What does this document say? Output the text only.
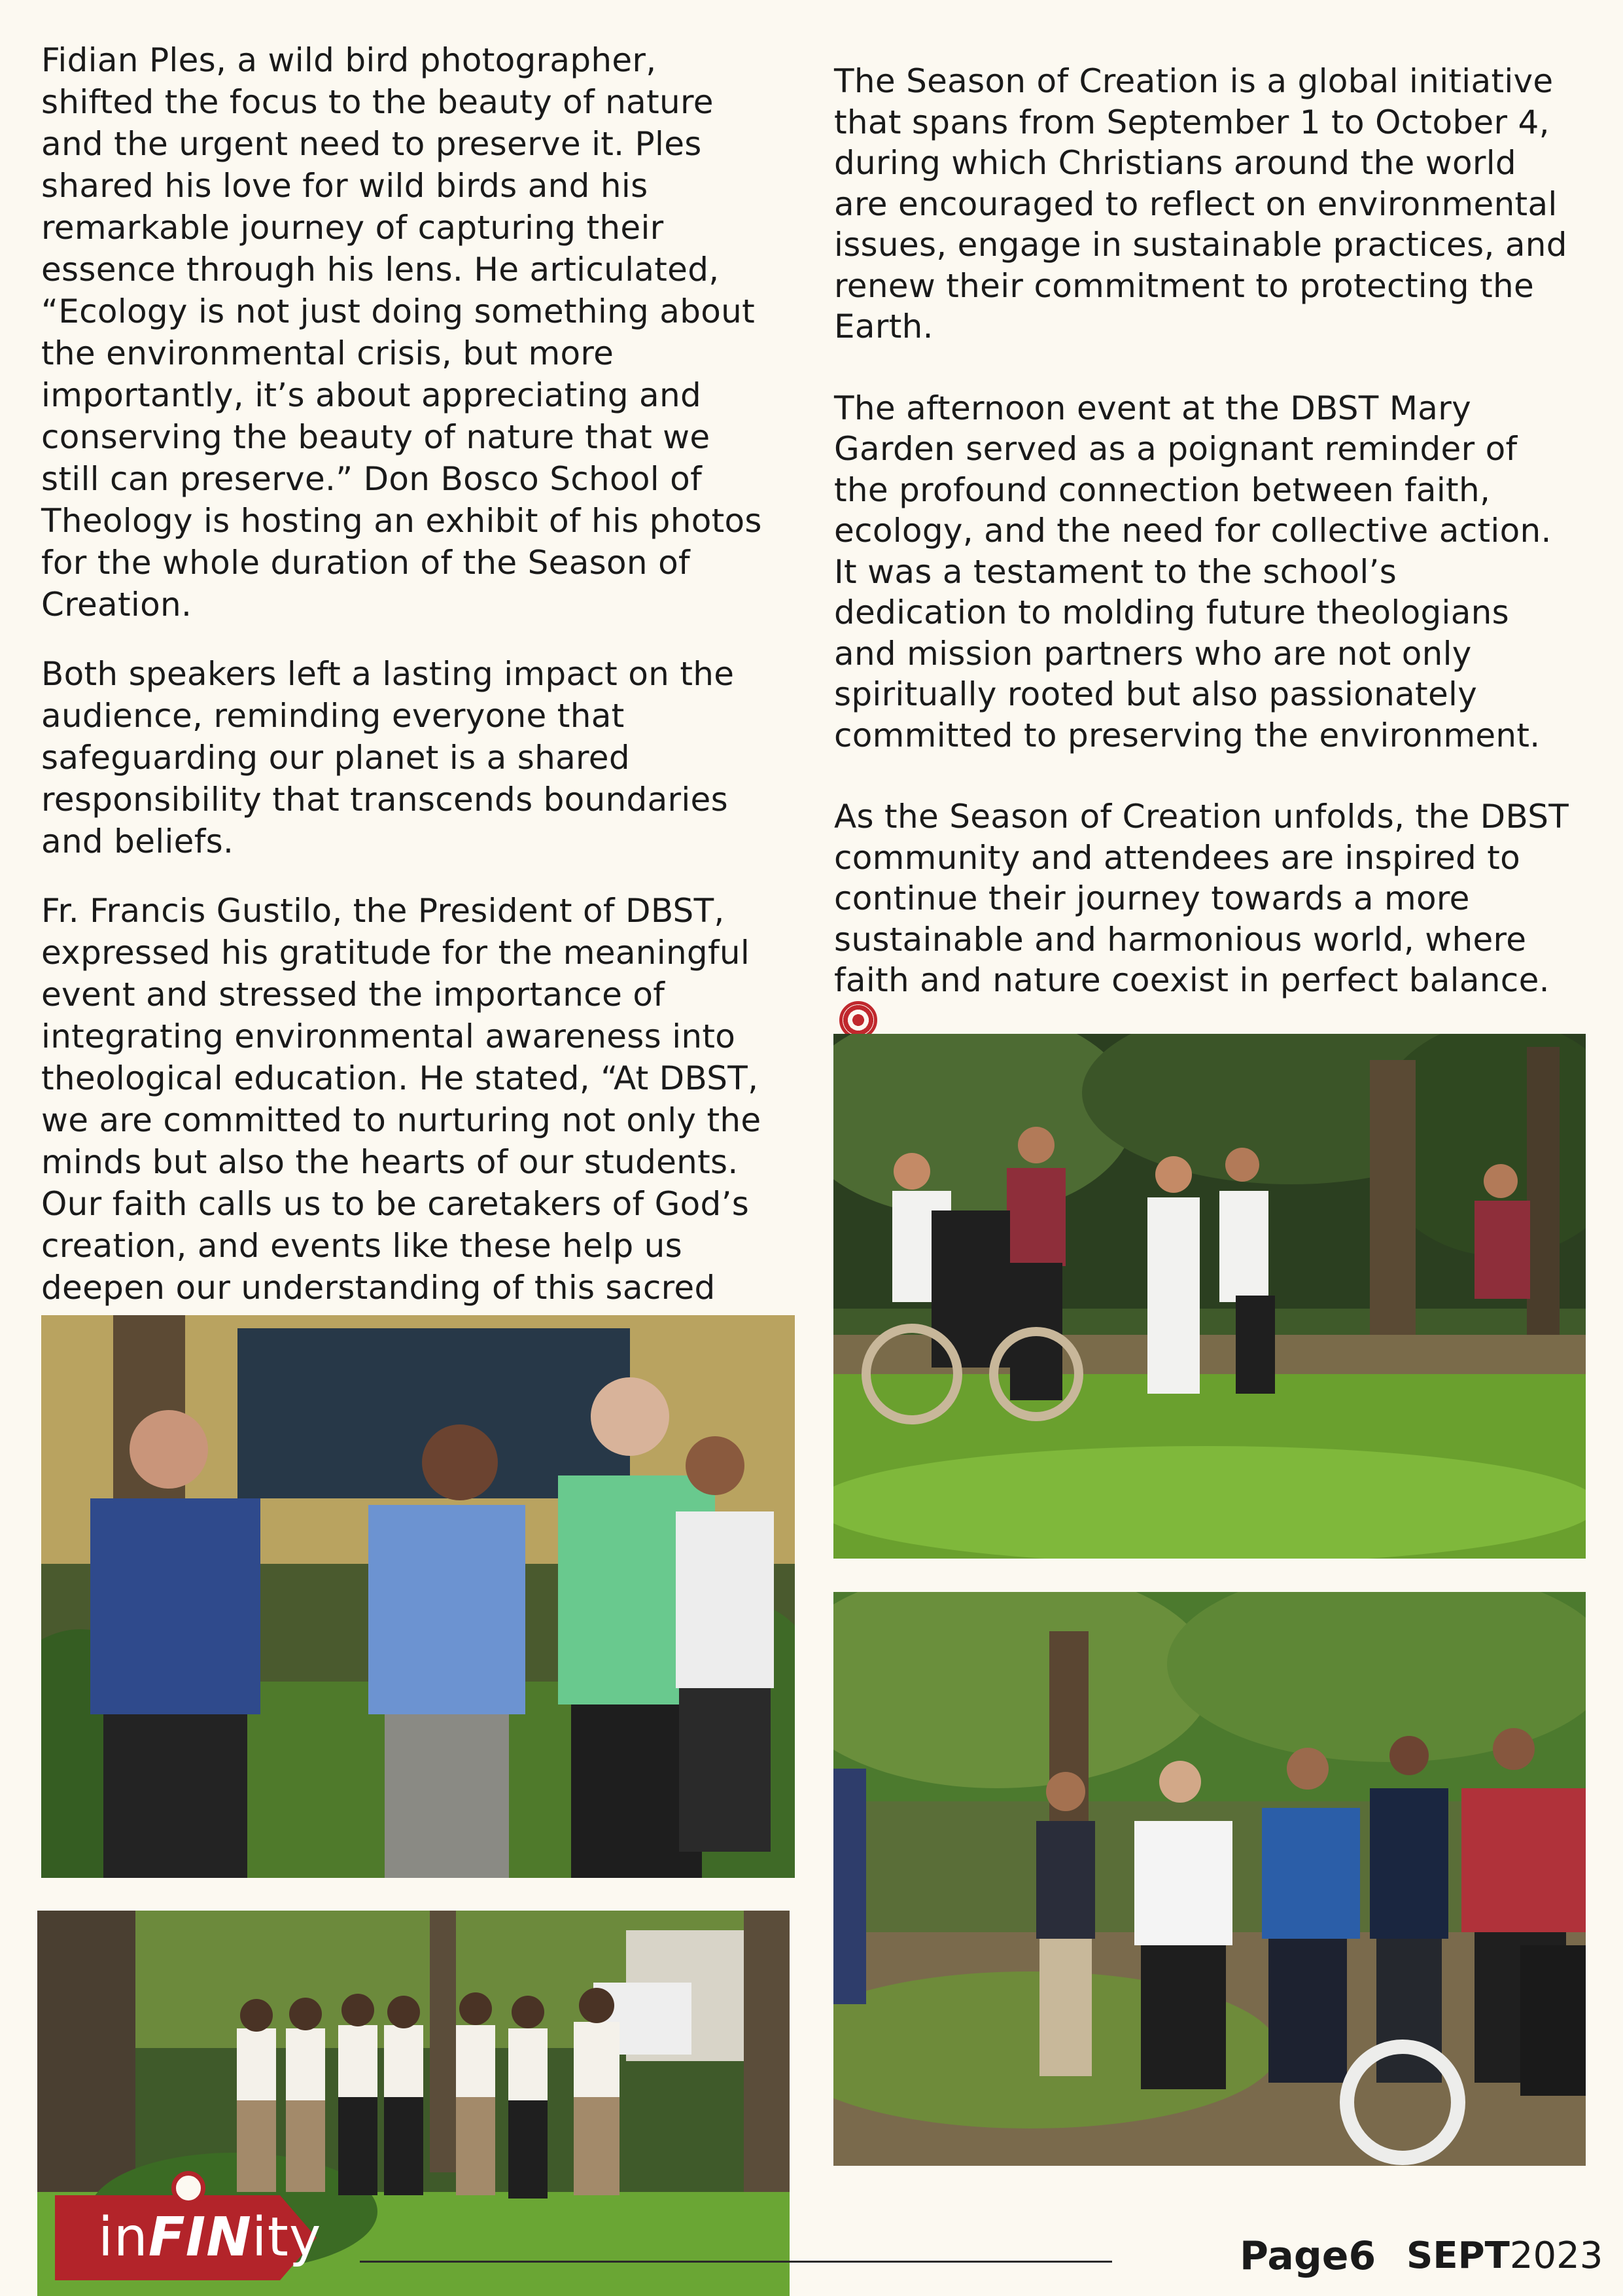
Fidian Ples, a wild bird photographer, shifted the focus to the beauty of nature and the urgent need to preserve it. Ples shared his love for wild birds and his remarkable journey of capturing their essence through his lens. He articulated, “Ecology is not just doing something about the environmental crisis, but more importantly, it’s about appreciating and conserving the beauty of nature that we still can preserve.” Don Bosco School of Theology is hosting an exhibit of his photos for the whole duration of the Season of Creation.

Both speakers left a lasting impact on the audience, reminding everyone that safeguarding our planet is a shared responsibility that transcends boundaries and beliefs.

Fr. Francis Gustilo, the President of DBST, expressed his gratitude for the meaningful event and stressed the importance of integrating environmental awareness into theological education. He stated, “At DBST, we are committed to nurturing not only the minds but also the hearts of our students. Our faith calls us to be caretakers of God’s creation, and events like these help us deepen our understanding of this sacred

The Season of Creation is a global initiative that spans from September 1 to October 4, during which Christians around the world are encouraged to reflect on environmental issues, engage in sustainable practices, and renew their commitment to protecting the Earth.

The afternoon event at the DBST Mary Garden served as a poignant reminder of the profound connection between faith, ecology, and the need for collective action. It was a testament to the school’s dedication to molding future theologians and mission partners who are not only spiritually rooted but also passionately committed to preserving the environment.

As the Season of Creation unfolds, the DBST community and attendees are inspired to continue their journey towards a more sustainable and harmonious world, where faith and nature coexist in perfect balance.

inFINity	Page6 SEPT2023
